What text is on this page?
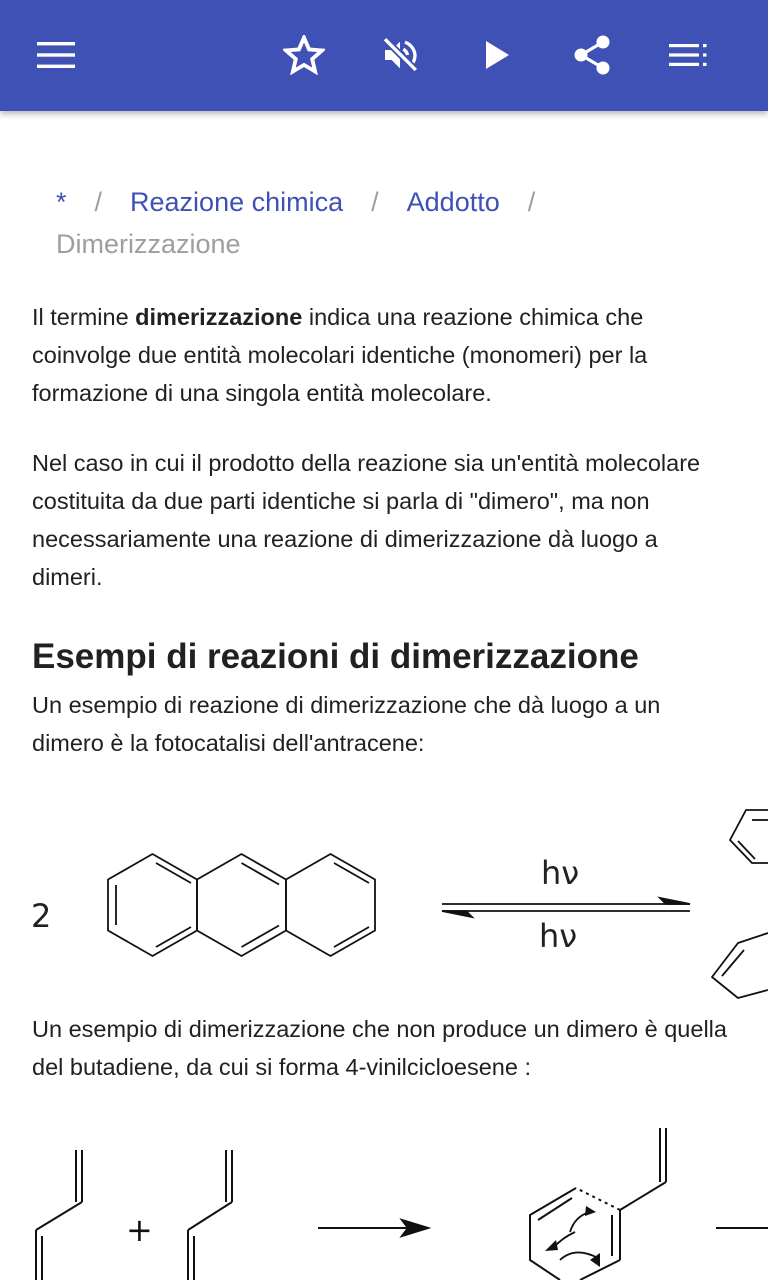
* / Reazione chimica / Addotto /
Dimerizzazione

Il termine dimerizzazione indica una reazione chimica che coinvolge due entità molecolari identiche (monomeri) per la formazione di una singola entità molecolare.

Nel caso in cui il prodotto della reazione sia un'entità molecolare costituita da due parti identiche si parla di "dimero", ma non necessariamente una reazione di dimerizzazione dà luogo a dimeri.

Esempi di reazioni di dimerizzazione

Un esempio di reazione di dimerizzazione che dà luogo a un dimero è la fotocatalisi dell'antracene:

2
hν
hν

Un esempio di dimerizzazione che non produce un dimero è quella del butadiene, da cui si forma 4-vinilcicloesene :

+
